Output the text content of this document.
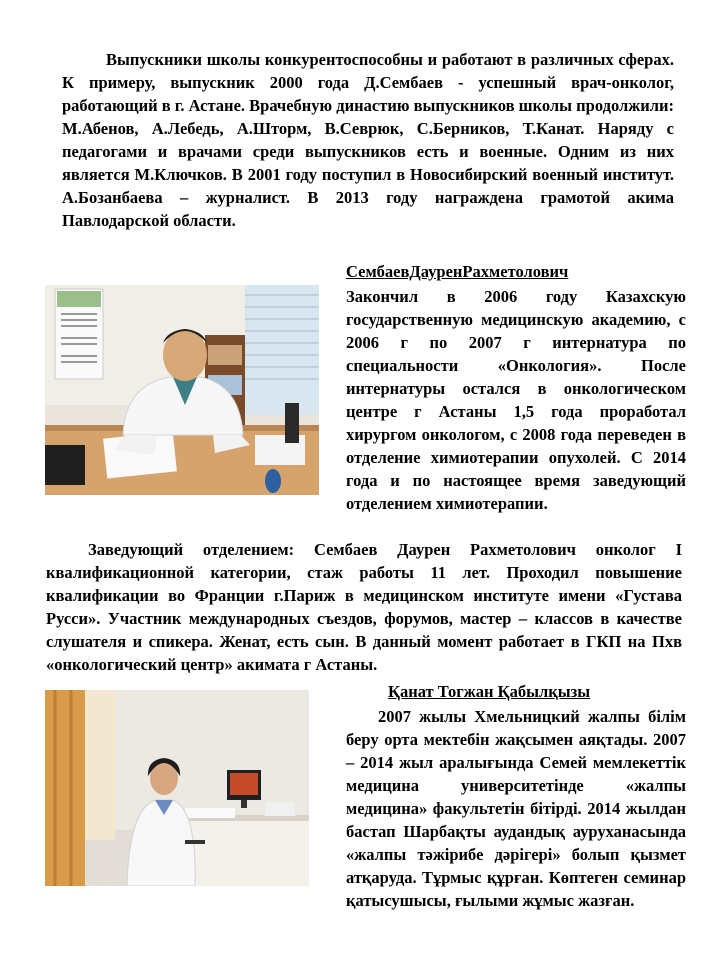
Выпускники школы конкурентоспособны и работают в различных сферах. К примеру, выпускник 2000 года Д.Сембаев - успешный врач-онколог, работающий в г. Астане. Врачебную династию выпускников школы продолжили: М.Абенов, А.Лебедь, А.Шторм, В.Севрюк, С.Берников, Т.Канат. Наряду с педагогами и врачами среди выпускников есть и военные. Одним из них является М.Ключков. В 2001 году поступил в Новосибирский военный институт. А.Бозанбаева – журналист. В 2013 году награждена грамотой акима Павлодарской области.
СембаевДауренРахметолович
Закончил в 2006 году Казахскую государственную медицинскую академию, с 2006 г по 2007 г интернатура по специальности «Онкология». После интернатуры остался в онкологическом центре г Астаны 1,5 года проработал хирургом онкологом, с 2008 года переведен в отделение химиотерапии опухолей. С 2014 года и по настоящее время заведующий отделением химиотерапии.
Заведующий отделением: Сембаев Даурен Рахметолович онколог I квалификационной категории, стаж работы 11 лет. Проходил повышение квалификации во Франции г.Париж в медицинском институте имени «Густава Русси». Участник международных съездов, форумов, мастер – классов в качестве слушателя и спикера. Женат, есть сын. В данный момент работает в ГКП на Пхв «онкологический центр» акимата г Астаны.
Қанат Тогжан Қабылқызы
2007 жылы Хмельницкий жалпы білім беру орта мектебін жақсымен аяқтады. 2007 – 2014 жыл аралығында Семей мемлекеттік медицина университетінде «жалпы медицина» факультетін бітірді. 2014 жылдан бастап Шарбақты аудандық ауруханасында «жалпы тәжірибе дәрігері» болып қызмет атқаруда. Тұрмыс құрған. Көптеген семинар қатысушысы, ғылыми жұмыс жазған.
